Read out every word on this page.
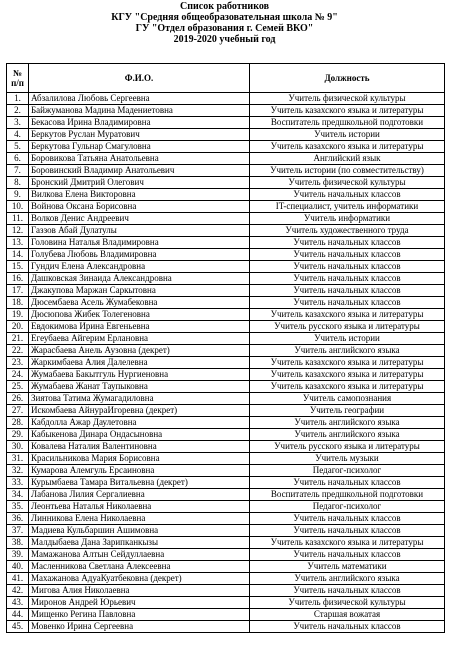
Список работников
КГУ "Средняя общеобразовательная школа № 9"
ГУ "Отдел образования г. Семей ВКО"
2019-2020 учебный год
№
п/п	Ф.И.О.	Должность
1.	Абзалилова Любовь Сергеевна	Учитель физической культуры
2.	Байжуманова Мадина Мадениетовна	Учитель казахского языка и литературы
3.	Бекасова Ирина Владимировна	Воспитатель предшкольной подготовки
4.	Беркутов Руслан Муратович	Учитель истории
5.	Беркутова Гульнар Смагуловна	Учитель казахского языка и литературы
6.	Боровикова Татьяна Анатольевна	Английский язык
7.	Боровинский Владимир Анатольевич	Учитель истории (по совместительству)
8.	Бронский Дмитрий Олегович	Учитель физической культуры
9.	Вилкова Елена Викторовна	Учитель начальных классов
10.	Войнова Оксана Борисовна	IT-специалист, учитель информатики
11.	Волков Денис Андреевич	Учитель информатики
12.	Газзов Абай Дулатулы	Учитель художественного труда
13.	Головина Наталья Владимировна	Учитель начальных классов
14.	Голубева Любовь Владимировна	Учитель начальных классов
15.	Гундич Елена Александровна	Учитель начальных классов
16.	Дашковская Зинаида Александровна	Учитель начальных классов
17.	Джакупова Маржан Саркытовна	Учитель начальных классов
18.	Дюсембаева Асель Жумабековна	Учитель начальных классов
19.	Дюсюпова Жибек Толегеновна	Учитель казахского языка и литературы
20.	Евдокимова Ирина Евгеньевна	Учитель русского языка и литературы
21.	Егеубаева Айгерим Ерлановна	Учитель истории
22.	Жарасбаева Анель Аузовна (декрет)	Учитель английского языка
23.	Жаркимбаева Алия Далелевна	Учитель казахского языка и литературы
24.	Жумабаева Бакытгуль Нургиеновна	Учитель казахского языка и литературы
25.	Жумабаева Жанат Таупыковна	Учитель казахского языка и литературы
26.	Зиятова Татима Жумагадиловна	Учитель самопознания
27.	Искомбаева АйнураИгоревна (декрет)	Учитель географии
28.	Кабдолла Ажар Даулетовна	Учитель английского языка
29.	Кабыкенова Динара Ондасыновна	Учитель английского языка
30.	Ковалева Наталия Валентиновна	Учитель русского языка и литературы
31.	Красильникова Мария Борисовна	Учитель музыки
32.	Кумарова Алемгуль Ерсаиновна	Педагог-психолог
33.	Курымбаева Тамара Витальевна (декрет)	Учитель начальных классов
34.	Лабанова Лилия Сергалиевна	Воспитатель предшкольной подготовки
35.	Леонтьева Наталья Николаевна	Педагог-психолог
36.	Линникова Елена Николаевна	Учитель начальных классов
37.	Мадиева Кульбаршин Ашимовна	Учитель начальных классов
38.	Малдыбаева Дана Зарипканкызы	Учитель казахского языка и литературы
39.	Мамажанова Алтын Сейдуллаевна	Учитель начальных классов
40.	Масленникова Светлана Алексеевна	Учитель математики
41.	Махажанова АдуаКуатбековна (декрет)	Учитель английского языка
42.	Мигова Алия Николаевна	Учитель начальных классов
43.	Миронов Андрей Юрьевич	Учитель физической культуры
44.	Мищенко Регина Павловна	Старшая вожатая
45.	Мовенко Ирина Сергеевна	Учитель начальных классов
